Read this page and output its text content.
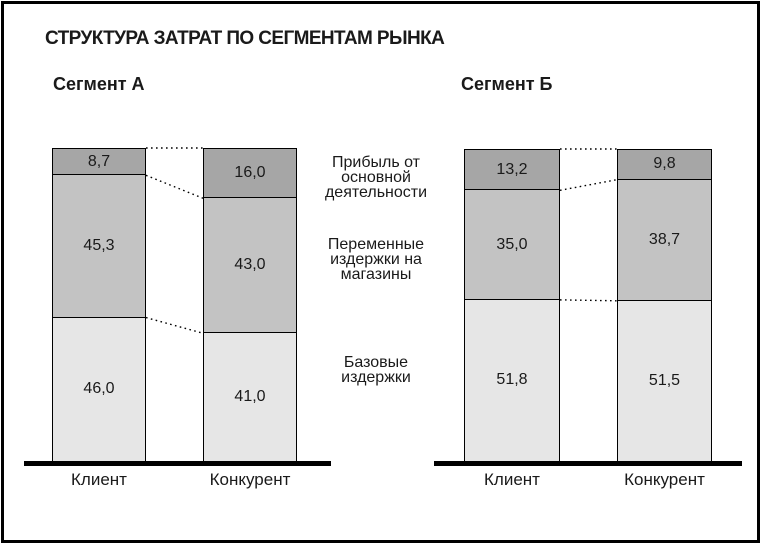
СТРУКТУРА ЗАТРАТ ПО СЕГМЕНТАМ РЫНКА
Сегмент А	Сегмент Б
Прибыль от
основной
деятельности
Переменные
издержки на
магазины
Базовые
издержки
8,7
45,3
46,0
Клиент
16,0
43,0
41,0
Конкурент
13,2
35,0
51,8
Клиент
9,8
38,7
51,5
Конкурент
